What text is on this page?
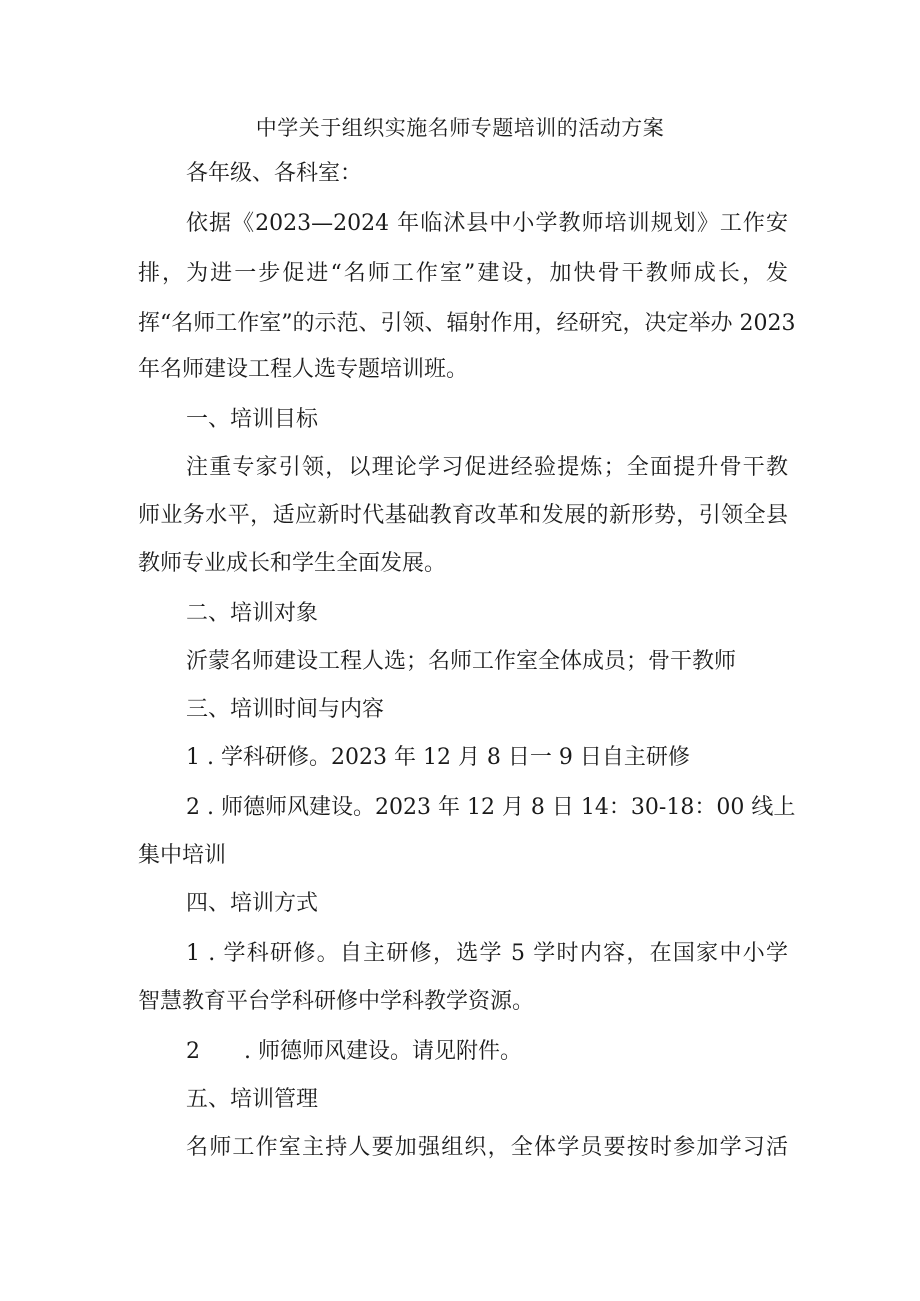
中学关于组织实施名师专题培训的活动方案
各年级、各科室：
依据《2023—2024 年临沭县中小学教师培训规划》工作安
排，为进一步促进“名师工作室”建设，加快骨干教师成长，发
挥“名师工作室”的示范、引领、辐射作用，经研究，决定举办 2023
年名师建设工程人选专题培训班。
一、培训目标
注重专家引领，以理论学习促进经验提炼；全面提升骨干教
师业务水平，适应新时代基础教育改革和发展的新形势，引领全县
教师专业成长和学生全面发展。
二、培训对象
沂蒙名师建设工程人选；名师工作室全体成员；骨干教师
三、培训时间与内容
1 . 学科研修。2023 年 12 月 8 日一 9 日自主研修
2 . 师德师风建设。2023 年 12 月 8 日 14：30-18：00 线上
集中培训
四、培训方式
1 . 学科研修。自主研修，选学 5 学时内容，在国家中小学
智慧教育平台学科研修中学科教学资源。
2　　. 师德师风建设。请见附件。
五、培训管理
名师工作室主持人要加强组织，全体学员要按时参加学习活
